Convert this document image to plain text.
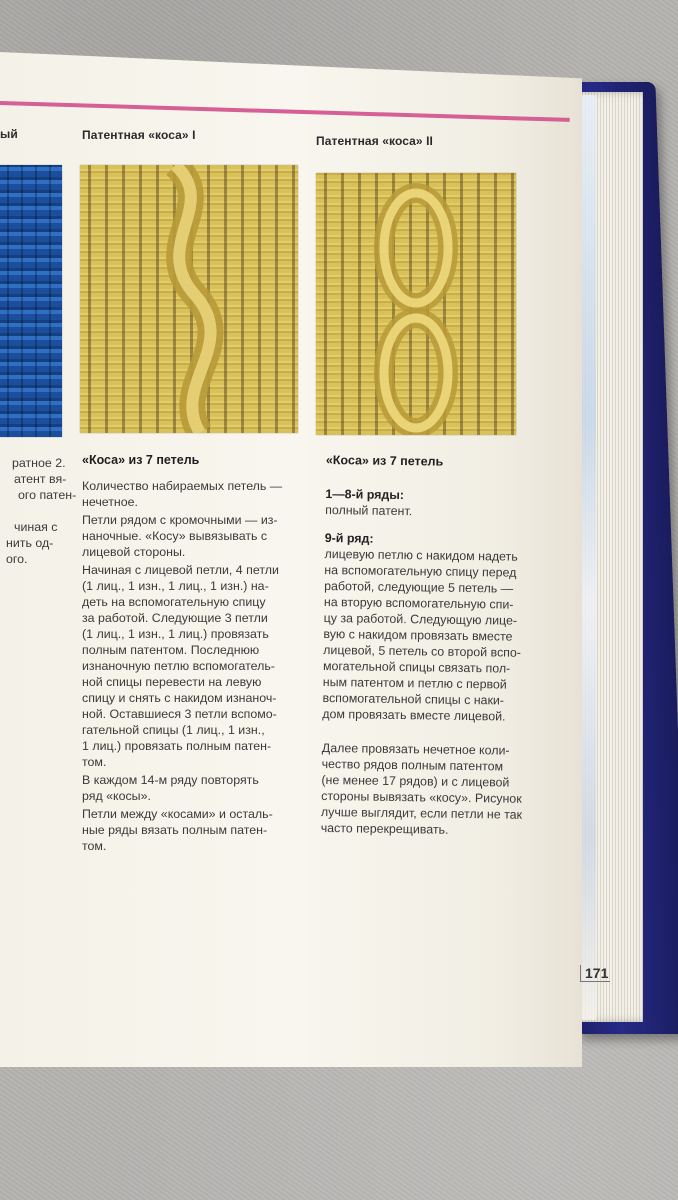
ый
ратное 2.
атент вя-
ого патен-
чиная с
нить од-
ого.
Патентная «коса» I

«Коса» из 7 петель

Количество набираемых петель —
нечетное.
Петли рядом с кромочными — из-
наночные. «Косу» вывязывать с
лицевой стороны.
Начиная с лицевой петли, 4 петли
(1 лиц., 1 изн., 1 лиц., 1 изн.) на-
деть на вспомогательную спицу
за работой. Следующие 3 петли
(1 лиц., 1 изн., 1 лиц.) провязать
полным патентом. Последнюю
изнаночную петлю вспомогатель-
ной спицы перевести на левую
спицу и снять с накидом изнаноч-
ной. Оставшиеся 3 петли вспомо-
гательной спицы (1 лиц., 1 изн.,
1 лиц.) провязать полным патен-
том.
В каждом 14-м ряду повторять
ряд «косы».
Петли между «косами» и осталь-
ные ряды вязать полным патен-
том.
Патентная «коса» II

«Коса» из 7 петель

1—8-й ряды:
полный патент.
9-й ряд:
лицевую петлю с накидом надеть
на вспомогательную спицу перед
работой, следующие 5 петель —
на вторую вспомогательную спи-
цу за работой. Следующую лице-
вую с накидом провязать вместе
лицевой, 5 петель со второй вспо-
могательной спицы связать пол-
ным патентом и петлю с первой
вспомогательной спицы с наки-
дом провязать вместе лицевой.
Далее провязать нечетное коли-
чество рядов полным патентом
(не менее 17 рядов) и с лицевой
стороны вывязать «косу». Рисунок
лучше выглядит, если петли не так
часто перекрещивать.
171
